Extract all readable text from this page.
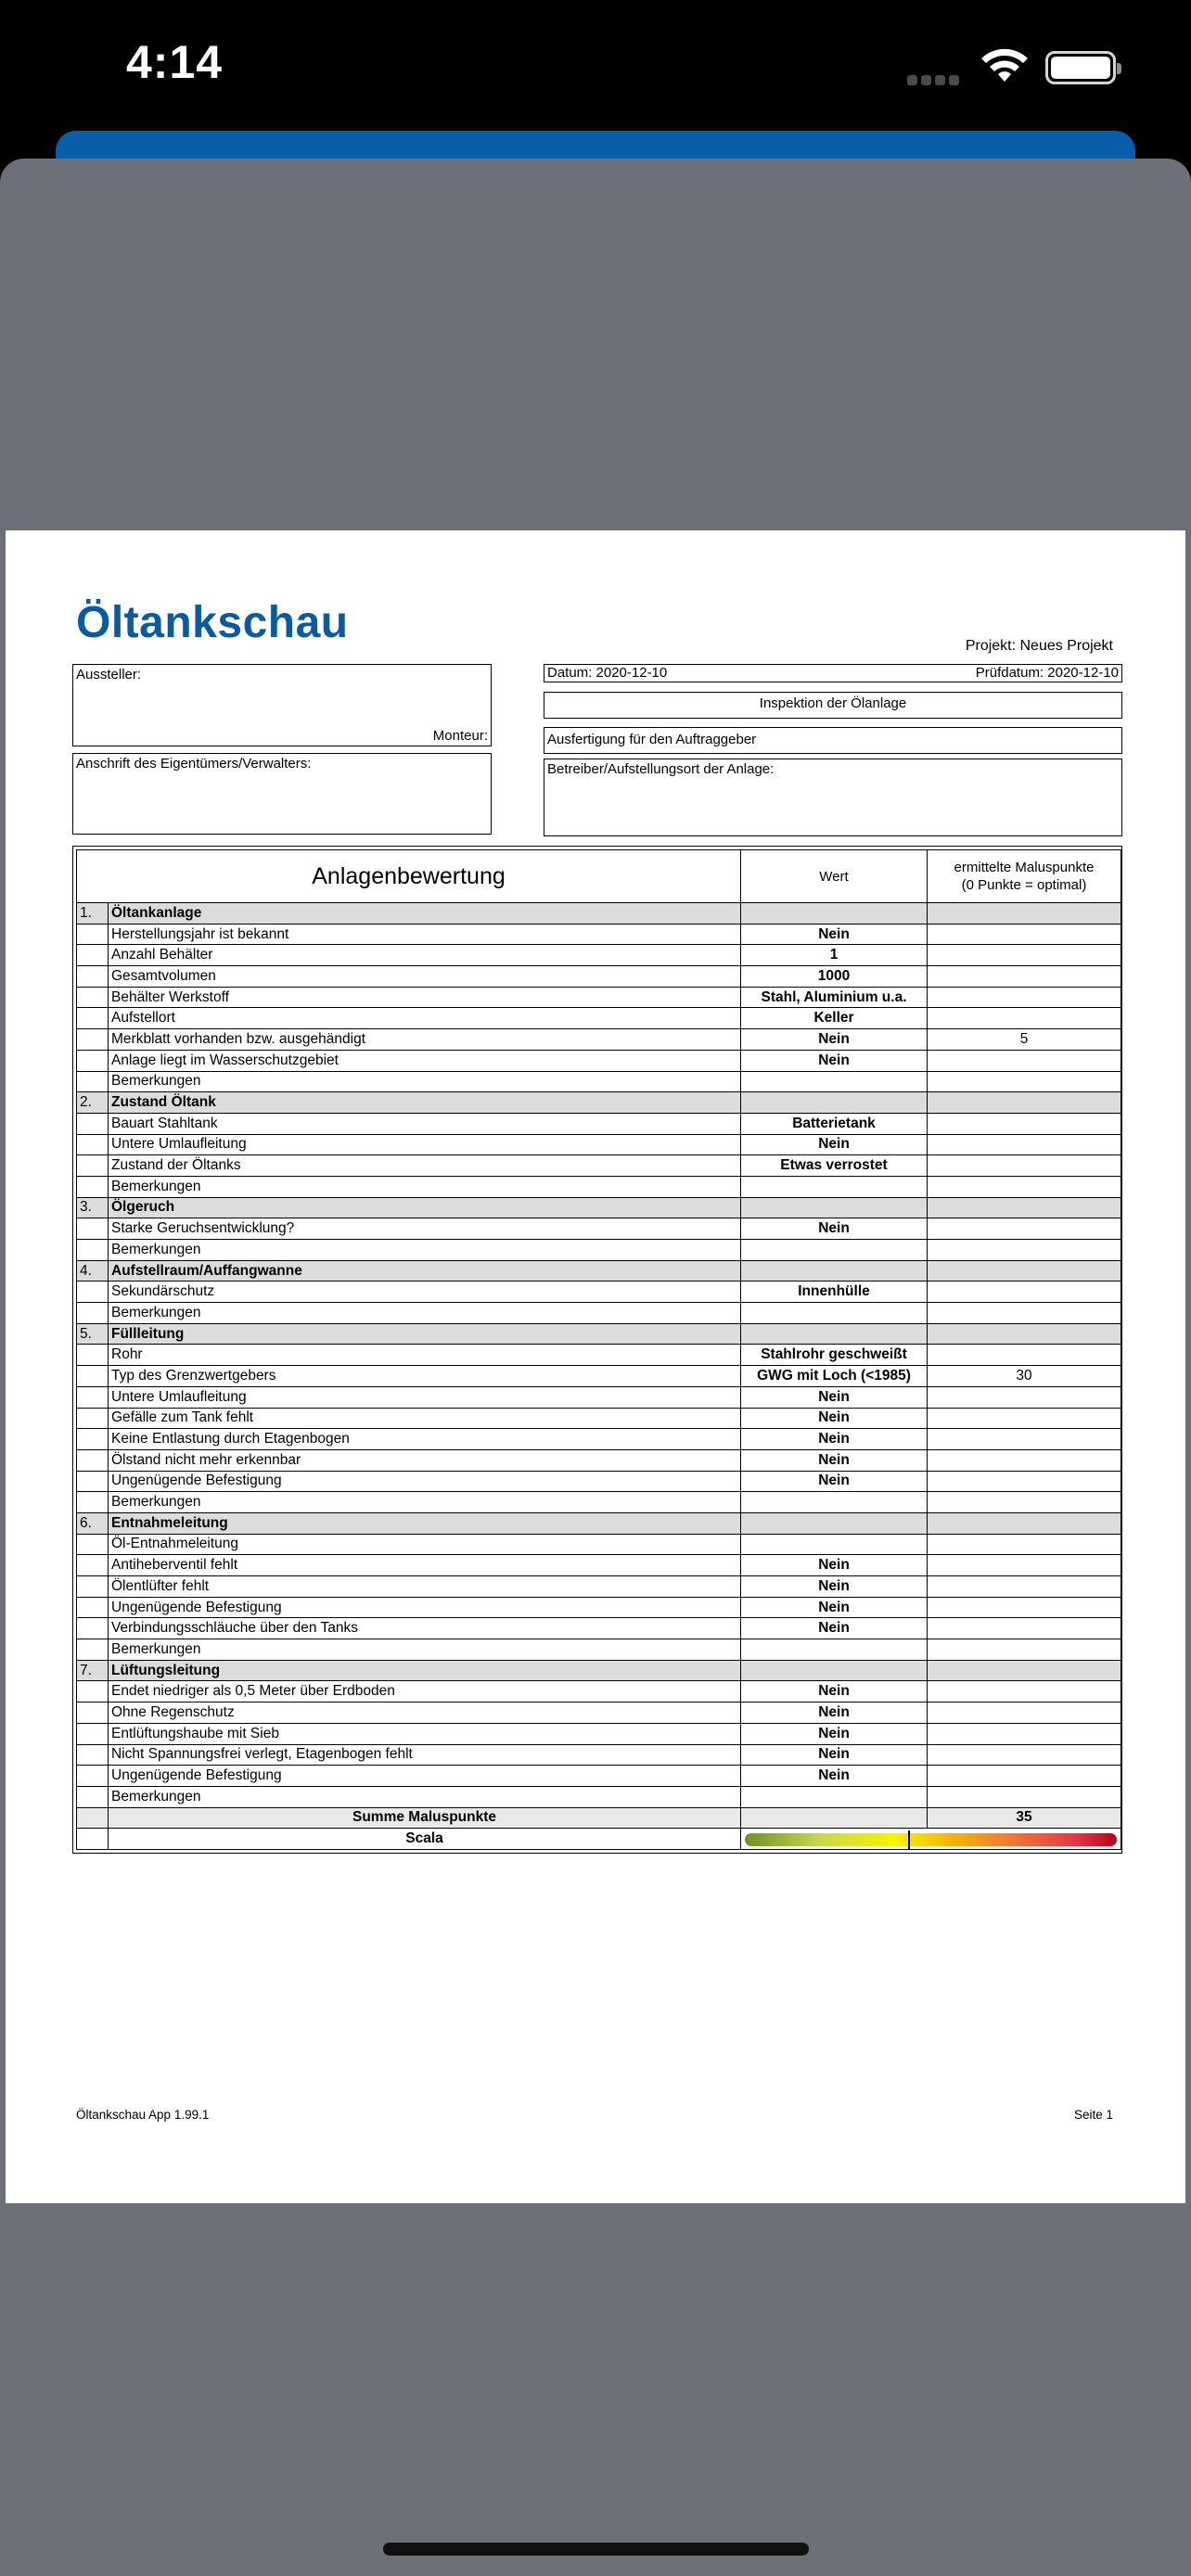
4:14
Öltankschau	Projekt: Neues Projekt
Aussteller:
Monteur:
Anschrift des Eigentümers/Verwalters:
Datum: 2020-12-10	Prüfdatum: 2020-12-10
Inspektion der Ölanlage
Ausfertigung für den Auftraggeber
Betreiber/Aufstellungsort der Anlage:
Anlagenbewertung		Wert	ermittelte Maluspunkte
(0 Punkte = optimal)
1.	Öltankanlage		
	Herstellungsjahr ist bekannt	Nein	
	Anzahl Behälter	1	
	Gesamtvolumen	1000	
	Behälter Werkstoff	Stahl, Aluminium u.a.	
	Aufstellort	Keller	
	Merkblatt vorhanden bzw. ausgehändigt	Nein	5
	Anlage liegt im Wasserschutzgebiet	Nein	
	Bemerkungen		
2.	Zustand Öltank		
	Bauart Stahltank	Batterietank	
	Untere Umlaufleitung	Nein	
	Zustand der Öltanks	Etwas verrostet	
	Bemerkungen		
3.	Ölgeruch		
	Starke Geruchsentwicklung?	Nein	
	Bemerkungen		
4.	Aufstellraum/Auffangwanne		
	Sekundärschutz	Innenhülle	
	Bemerkungen		
5.	Füllleitung		
	Rohr	Stahlrohr geschweißt	
	Typ des Grenzwertgebers	GWG mit Loch (<1985)	30
	Untere Umlaufleitung	Nein	
	Gefälle zum Tank fehlt	Nein	
	Keine Entlastung durch Etagenbogen	Nein	
	Ölstand nicht mehr erkennbar	Nein	
	Ungenügende Befestigung	Nein	
	Bemerkungen		
6.	Entnahmeleitung		
	Öl-Entnahmeleitung		
	Antiheberventil fehlt	Nein	
	Ölentlüfter fehlt	Nein	
	Ungenügende Befestigung	Nein	
	Verbindungsschläuche über den Tanks	Nein	
	Bemerkungen		
7.	Lüftungsleitung		
	Endet niedriger als 0,5 Meter über Erdboden	Nein	
	Ohne Regenschutz	Nein	
	Entlüftungshaube mit Sieb	Nein	
	Nicht Spannungsfrei verlegt, Etagenbogen fehlt	Nein	
	Ungenügende Befestigung	Nein	
	Bemerkungen		
	Summe Maluspunkte		35
	Scala		
Öltankschau App 1.99.1	Seite 1
